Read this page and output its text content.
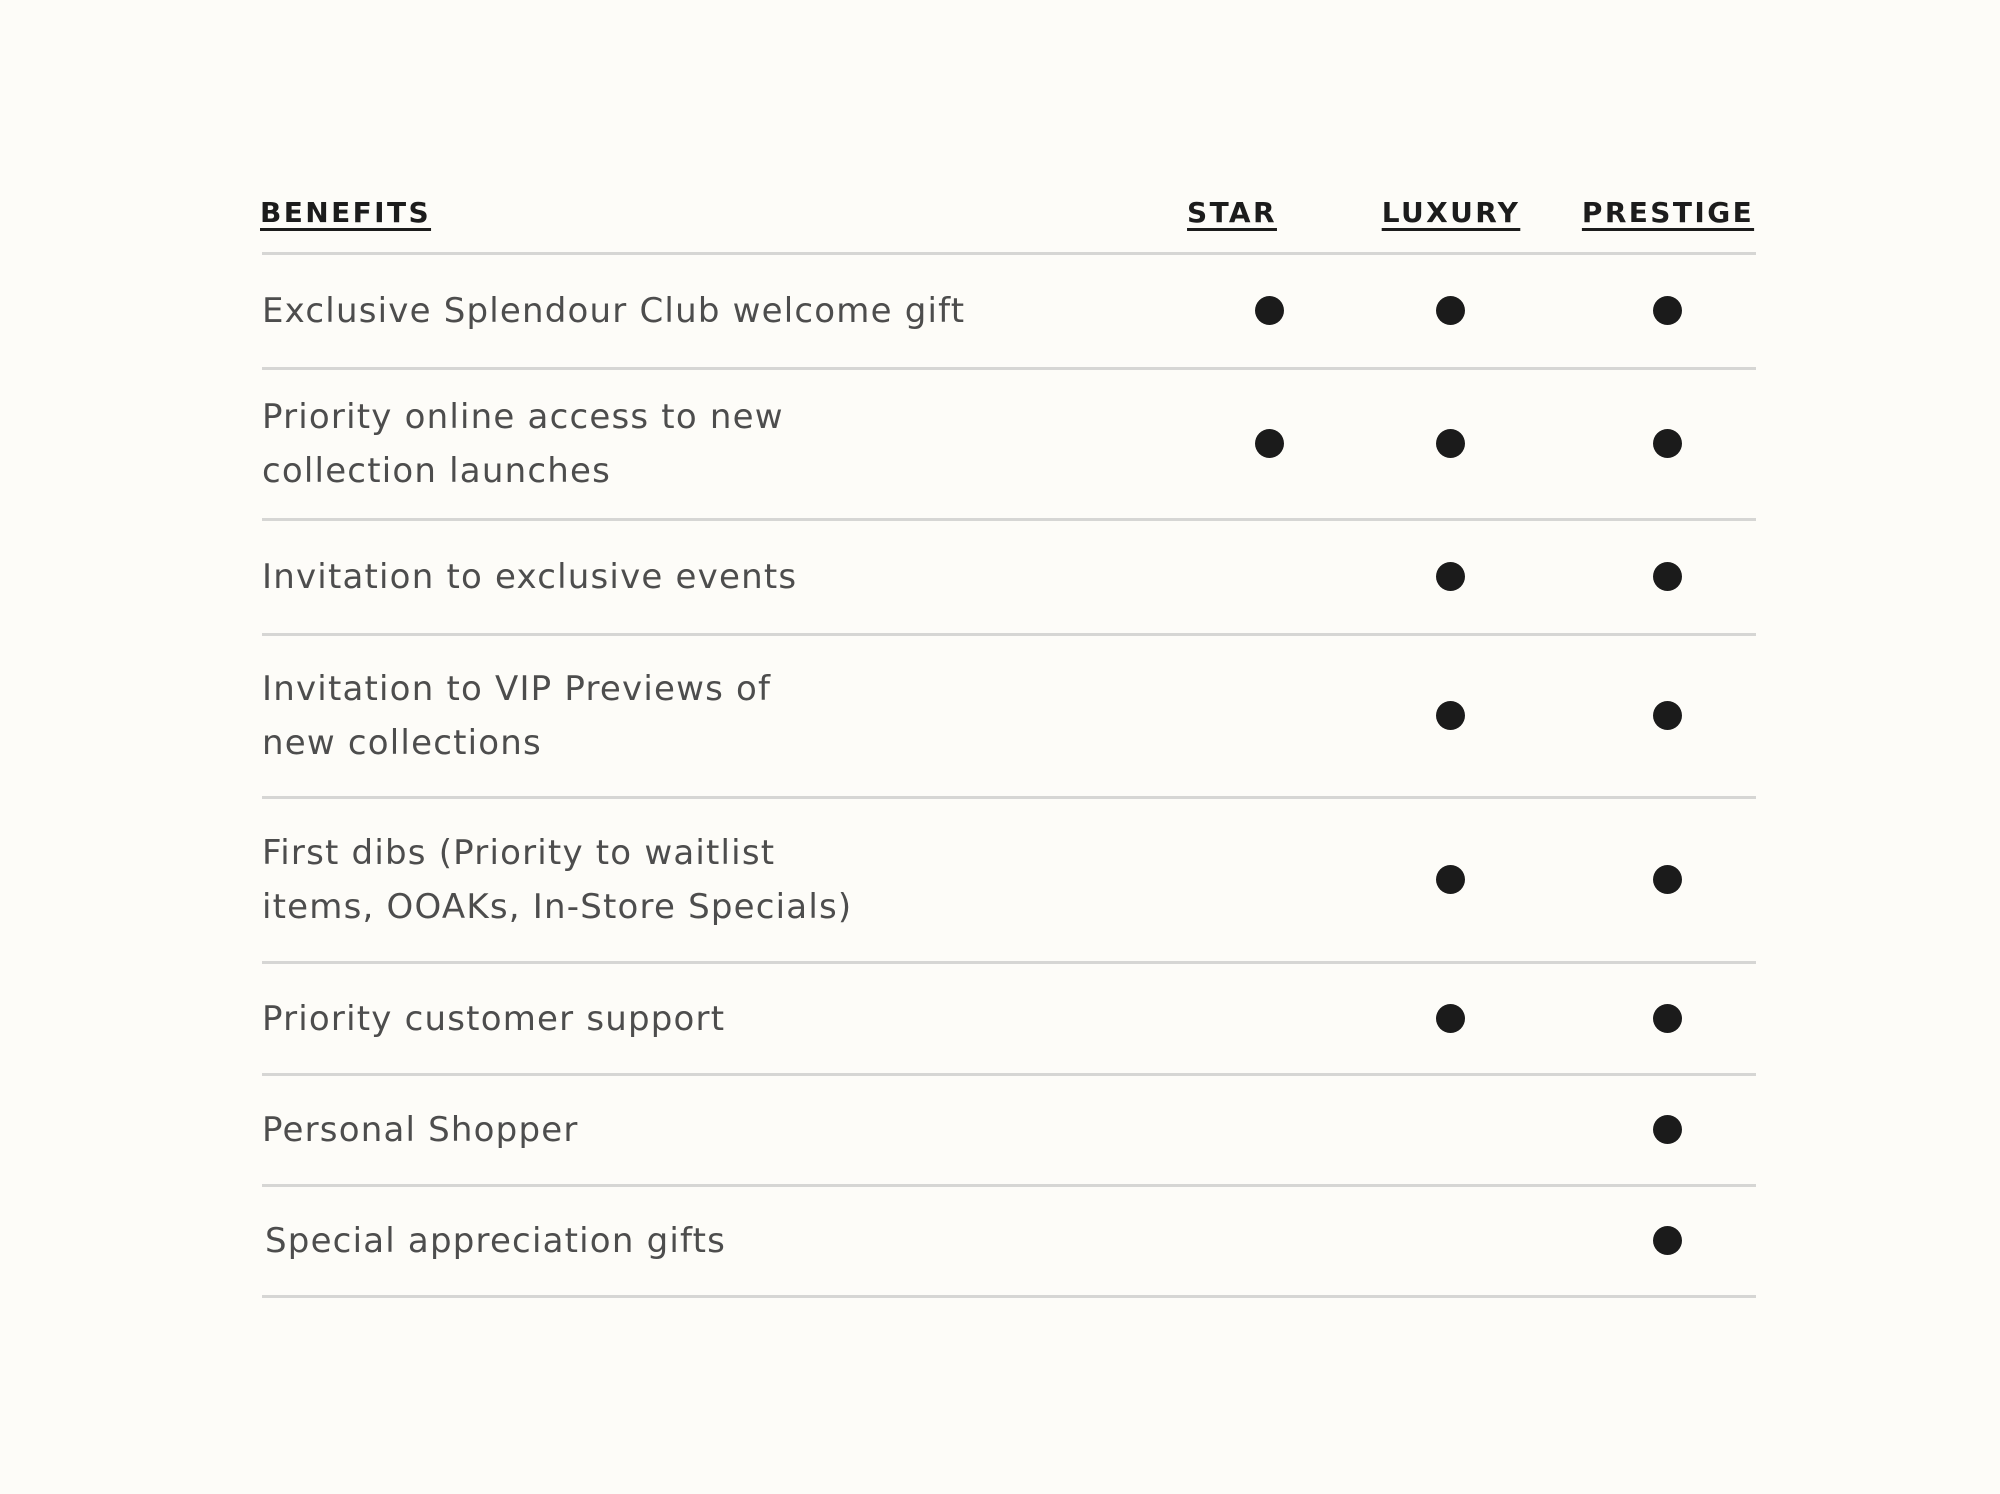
BENEFITS	STAR	LUXURY PRESTIGE
Exclusive Splendour Club welcome gift
Priority online access to new
collection launches
Invitation to exclusive events
Invitation to VIP Previews of
new collections
First dibs (Priority to waitlist
items, OOAKs, In-Store Specials)
Priority customer support
Personal Shopper
Special appreciation gifts
